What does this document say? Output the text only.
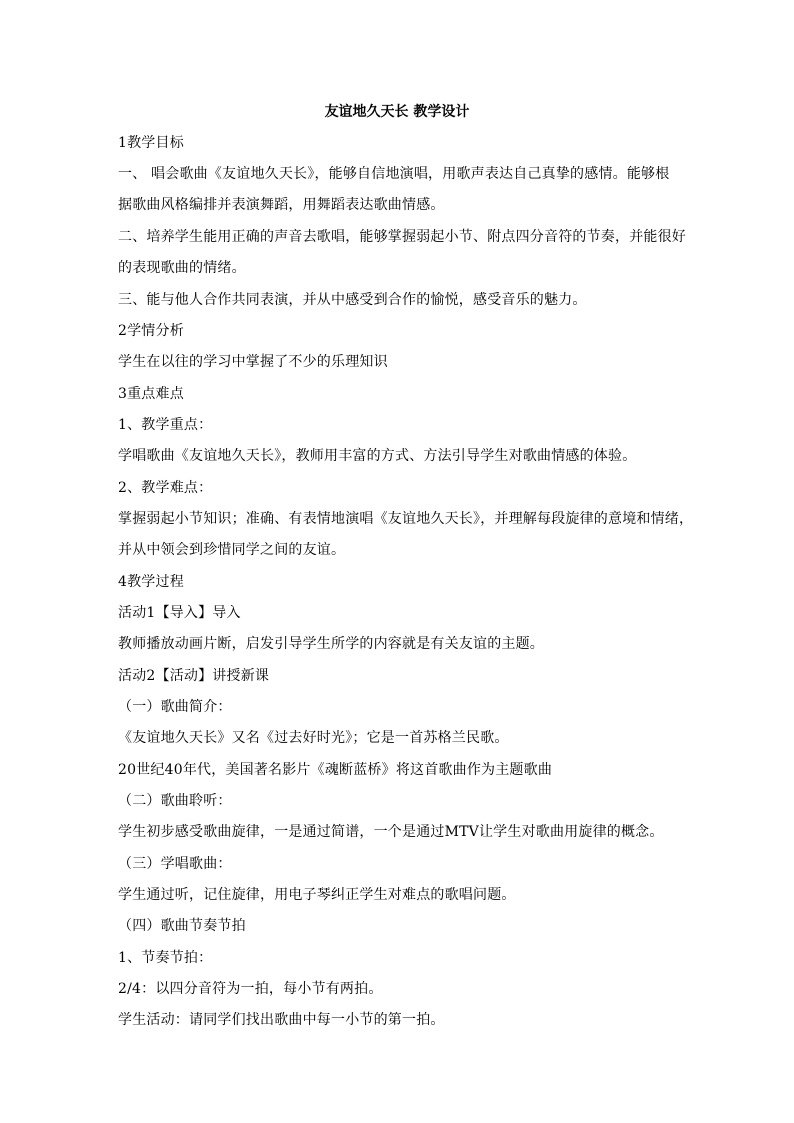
友谊地久天长 教学设计
1教学目标
一、 唱会歌曲《友谊地久天长》，能够自信地演唱，用歌声表达自己真挚的感情。能够根
据歌曲风格编排并表演舞蹈，用舞蹈表达歌曲情感。
二、培养学生能用正确的声音去歌唱，能够掌握弱起小节、附点四分音符的节奏，并能很好
的表现歌曲的情绪。
三、能与他人合作共同表演，并从中感受到合作的愉悦，感受音乐的魅力。
2学情分析
学生在以往的学习中掌握了不少的乐理知识
3重点难点
1、教学重点：
学唱歌曲《友谊地久天长》，教师用丰富的方式、方法引导学生对歌曲情感的体验。
2、教学难点：
掌握弱起小节知识；准确、有表情地演唱《友谊地久天长》，并理解每段旋律的意境和情绪，
并从中领会到珍惜同学之间的友谊。
4教学过程
活动1【导入】导入
教师播放动画片断，启发引导学生所学的内容就是有关友谊的主题。
活动2【活动】讲授新课
（一）歌曲简介：
《友谊地久天长》又名《过去好时光》；它是一首苏格兰民歌。
20世纪40年代，美国著名影片《魂断蓝桥》将这首歌曲作为主题歌曲
（二）歌曲聆听：
学生初步感受歌曲旋律，一是通过简谱，一个是通过MTV让学生对歌曲用旋律的概念。
（三）学唱歌曲：
学生通过听，记住旋律，用电子琴纠正学生对难点的歌唱问题。
（四）歌曲节奏节拍
1、节奏节拍：
2/4：以四分音符为一拍，每小节有两拍。
学生活动：请同学们找出歌曲中每一小节的第一拍。
